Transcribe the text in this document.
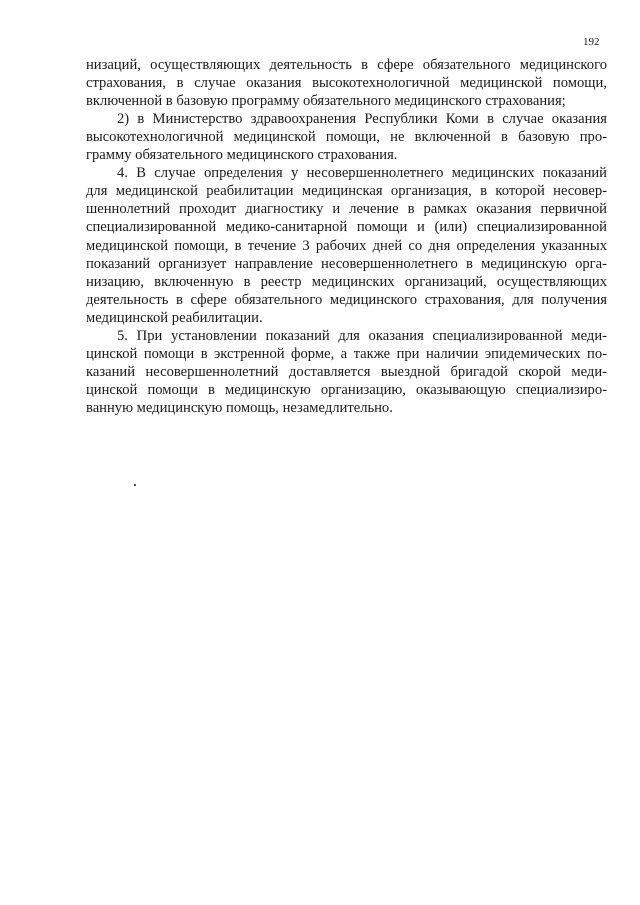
192
низаций, осуществляющих деятельность в сфере обязательного медицинского
страхования, в случае оказания высокотехнологичной медицинской помощи,
включенной в базовую программу обязательного медицинского страхования;
2) в Министерство здравоохранения Республики Коми в случае оказания
высокотехнологичной медицинской помощи, не включенной в базовую про-
грамму обязательного медицинского страхования.
4. В случае определения у несовершеннолетнего медицинских показаний
для медицинской реабилитации медицинская организация, в которой несовер-
шеннолетний проходит диагностику и лечение в рамках оказания первичной
специализированной медико-санитарной помощи и (или) специализированной
медицинской помощи, в течение 3 рабочих дней со дня определения указанных
показаний организует направление несовершеннолетнего в медицинскую орга-
низацию, включенную в реестр медицинских организаций, осуществляющих
деятельность в сфере обязательного медицинского страхования, для получения
медицинской реабилитации.
5. При установлении показаний для оказания специализированной меди-
цинской помощи в экстренной форме, а также при наличии эпидемических по-
казаний несовершеннолетний доставляется выездной бригадой скорой меди-
цинской помощи в медицинскую организацию, оказывающую специализиро-
ванную медицинскую помощь, незамедлительно.
